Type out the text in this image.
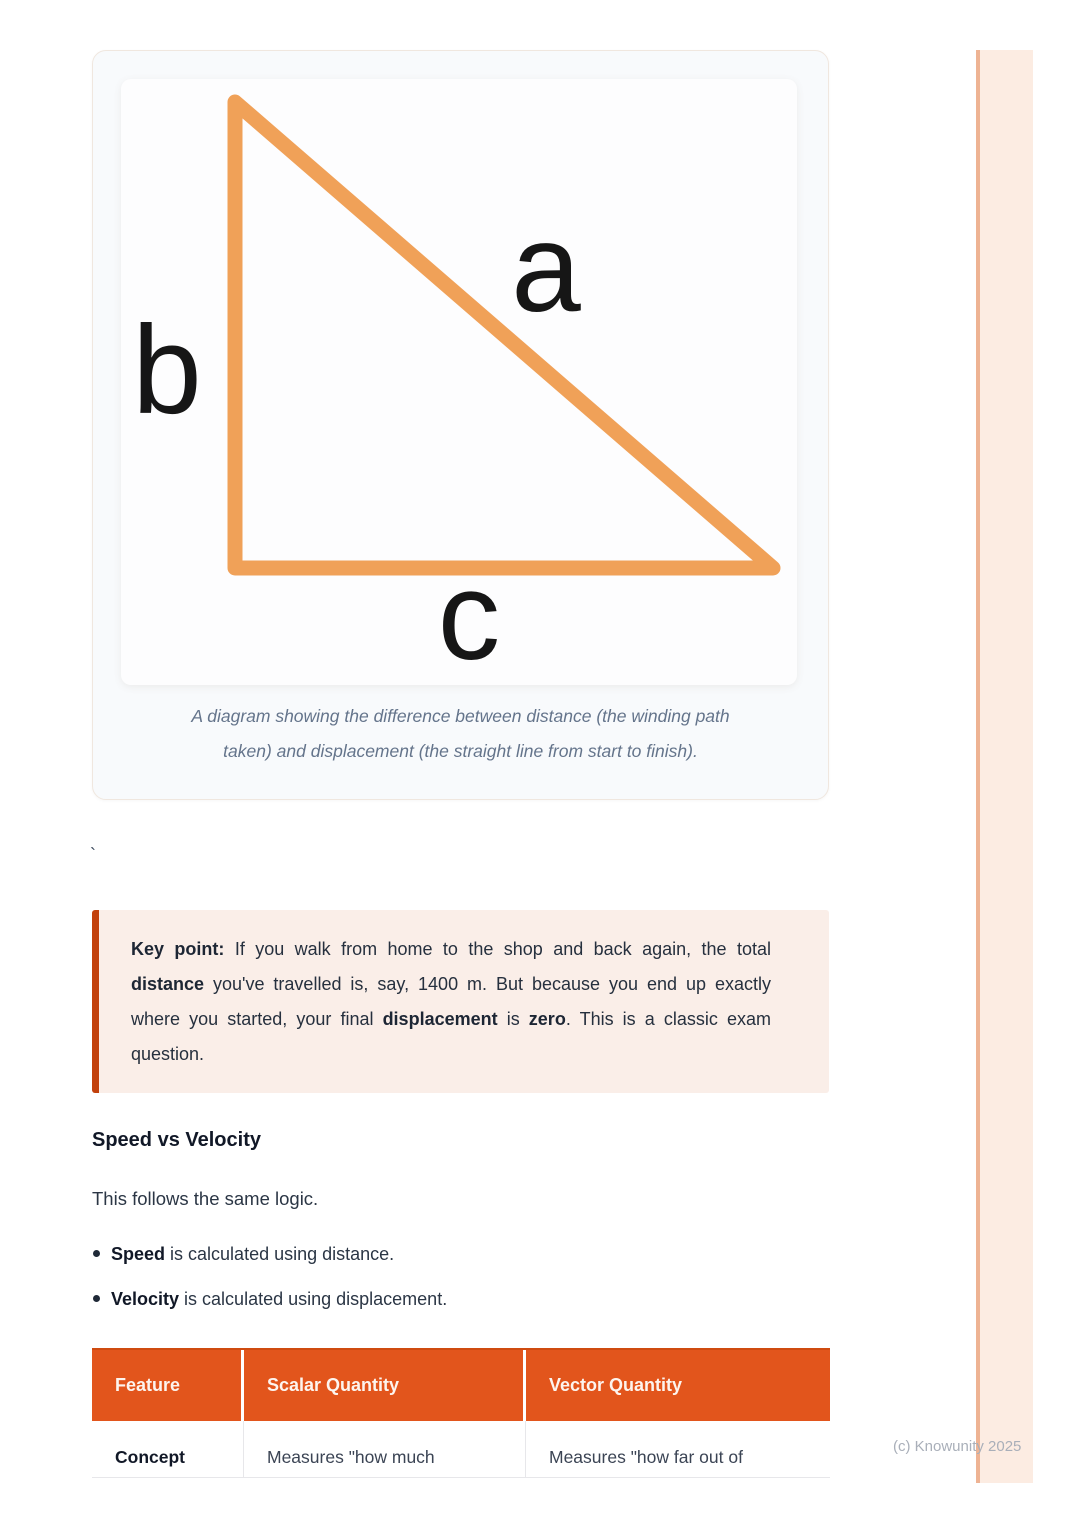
a
b
c

A diagram showing the difference between distance (the winding path taken) and displacement (the straight line from start to finish).

`

Key point: If you walk from home to the shop and back again, the total distance you've travelled is, say, 1400 m. But because you end up exactly where you started, your final displacement is zero. This is a classic exam question.

Speed vs Velocity

This follows the same logic.

Speed is calculated using distance.
Velocity is calculated using displacement.
Feature	Scalar Quantity	Vector Quantity
Concept	Measures "how much	Measures "how far out of
(c) Knowunity 2025
